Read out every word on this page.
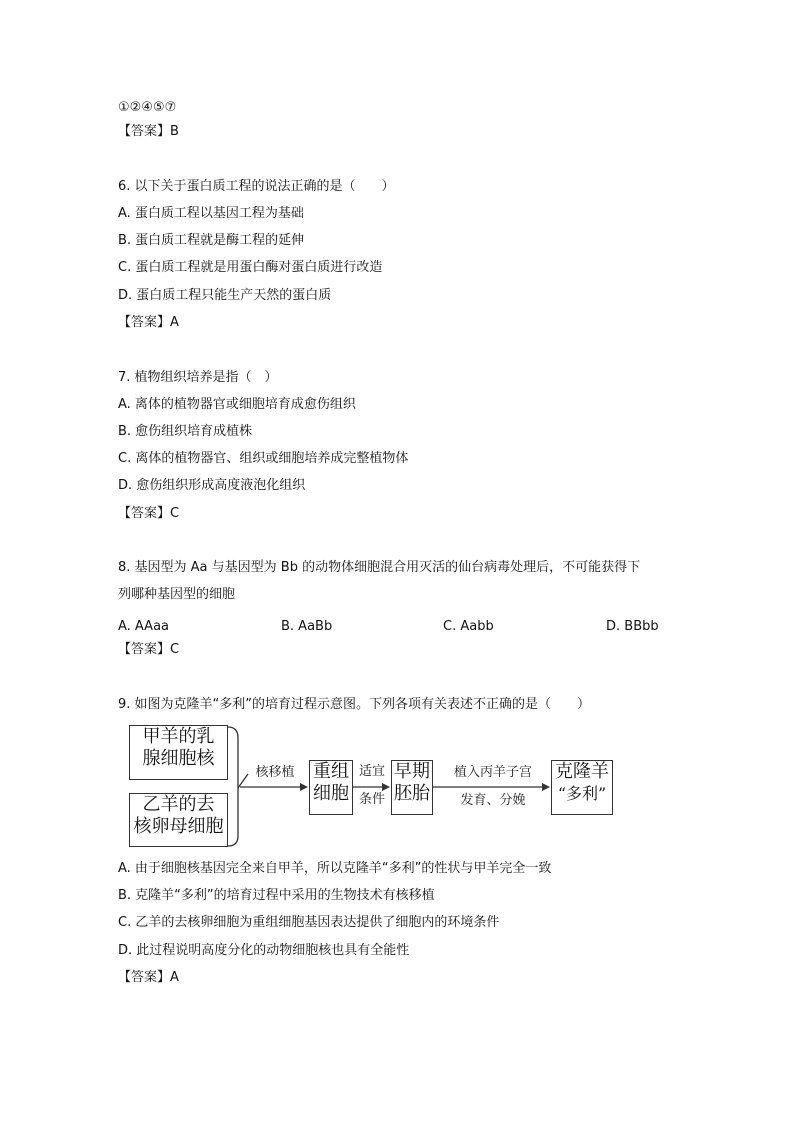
①②④⑤⑦
【答案】B
6. 以下关于蛋白质工程的说法正确的是（　　）
A. 蛋白质工程以基因工程为基础
B. 蛋白质工程就是酶工程的延伸
C. 蛋白质工程就是用蛋白酶对蛋白质进行改造
D. 蛋白质工程只能生产天然的蛋白质
【答案】A
7. 植物组织培养是指（　）
A. 离体的植物器官或细胞培育成愈伤组织
B. 愈伤组织培育成植株
C. 离体的植物器官、组织或细胞培养成完整植物体
D. 愈伤组织形成高度液泡化组织
【答案】C
8. 基因型为 Aa 与基因型为 Bb 的动物体细胞混合用灭活的仙台病毒处理后，不可能获得下
列哪种基因型的细胞
A. AAaa	B. AaBb	C. Aabb	D. BBbb
【答案】C
9. 如图为克隆羊“多利”的培育过程示意图。下列各项有关表述不正确的是（　　）
甲羊的乳
腺细胞核
乙羊的去
核卵母细胞
核移植	重组
细胞
适宜
条件
早期
胚胎
植入丙羊子宫
发育、分娩
克隆羊
“多利”
A. 由于细胞核基因完全来自甲羊，所以克隆羊“多利”的性状与甲羊完全一致
B. 克隆羊“多利”的培育过程中采用的生物技术有核移植
C. 乙羊的去核卵细胞为重组细胞基因表达提供了细胞内的环境条件
D. 此过程说明高度分化的动物细胞核也具有全能性
【答案】A
